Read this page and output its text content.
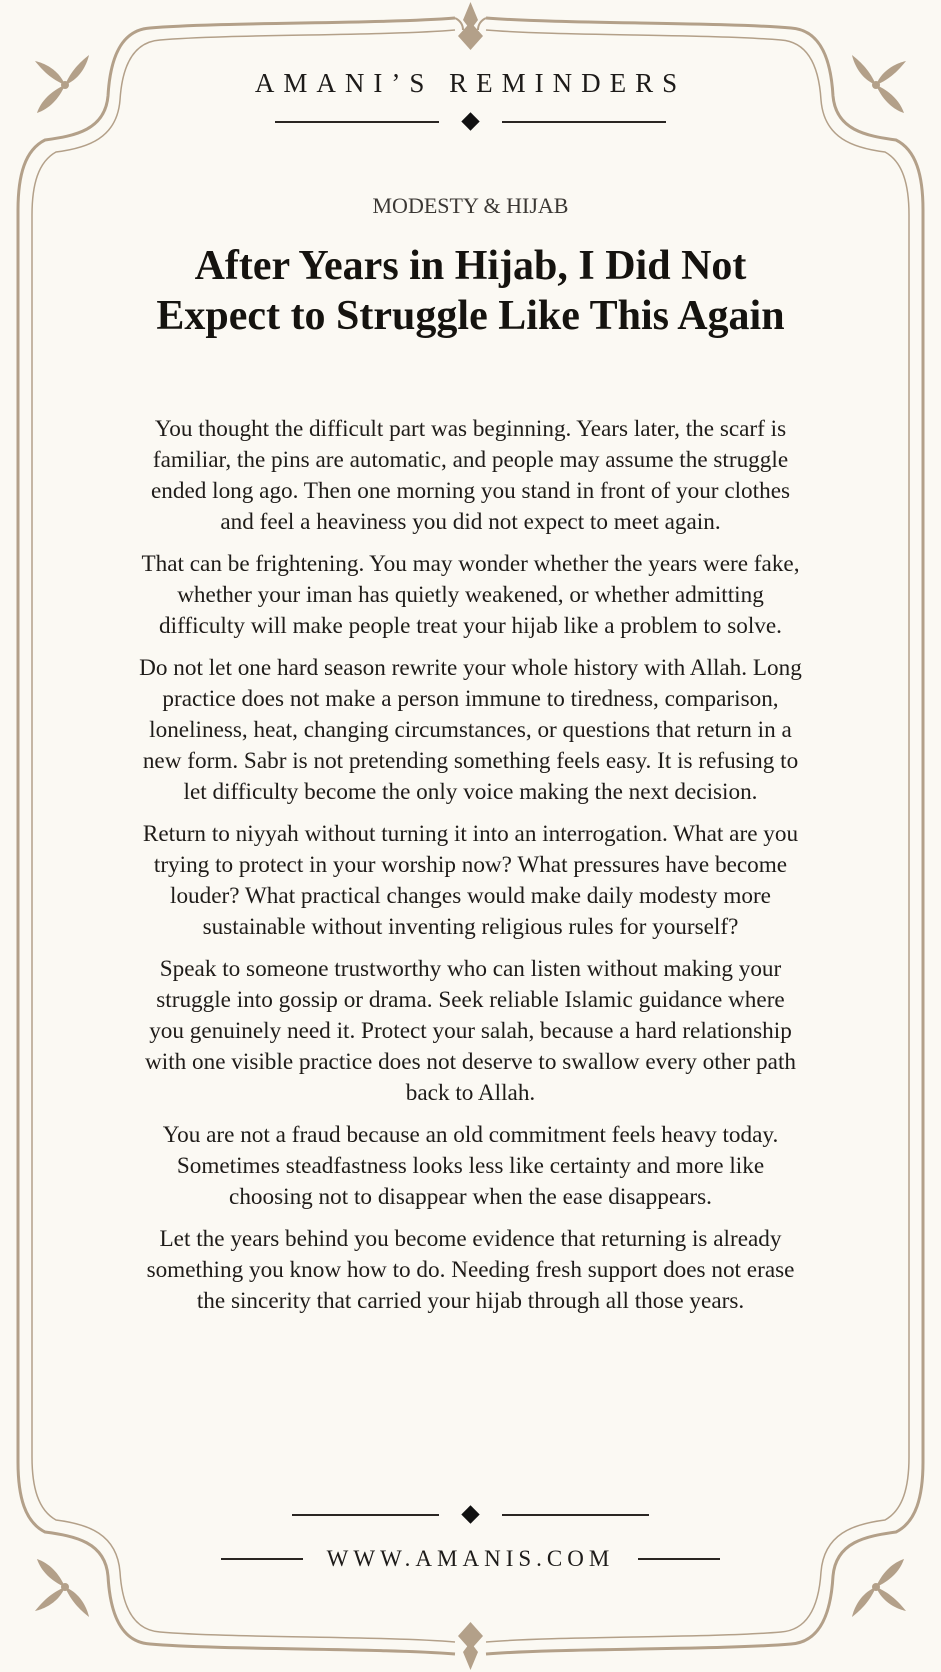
AMANI’S REMINDERS
MODESTY & HIJAB
After Years in Hijab, I Did Not Expect to Struggle Like This Again

You thought the difficult part was beginning. Years later, the scarf is familiar, the pins are automatic, and people may assume the struggle ended long ago. Then one morning you stand in front of your clothes and feel a heaviness you did not expect to meet again.

That can be frightening. You may wonder whether the years were fake, whether your iman has quietly weakened, or whether admitting difficulty will make people treat your hijab like a problem to solve.

Do not let one hard season rewrite your whole history with Allah. Long practice does not make a person immune to tiredness, comparison, loneliness, heat, changing circumstances, or questions that return in a new form. Sabr is not pretending something feels easy. It is refusing to let difficulty become the only voice making the next decision.

Return to niyyah without turning it into an interrogation. What are you trying to protect in your worship now? What pressures have become louder? What practical changes would make daily modesty more sustainable without inventing religious rules for yourself?

Speak to someone trustworthy who can listen without making your struggle into gossip or drama. Seek reliable Islamic guidance where you genuinely need it. Protect your salah, because a hard relationship with one visible practice does not deserve to swallow every other path back to Allah.

You are not a fraud because an old commitment feels heavy today. Sometimes steadfastness looks less like certainty and more like choosing not to disappear when the ease disappears.

Let the years behind you become evidence that returning is already something you know how to do. Needing fresh support does not erase the sincerity that carried your hijab through all those years.

WWW.AMANIS.COM
